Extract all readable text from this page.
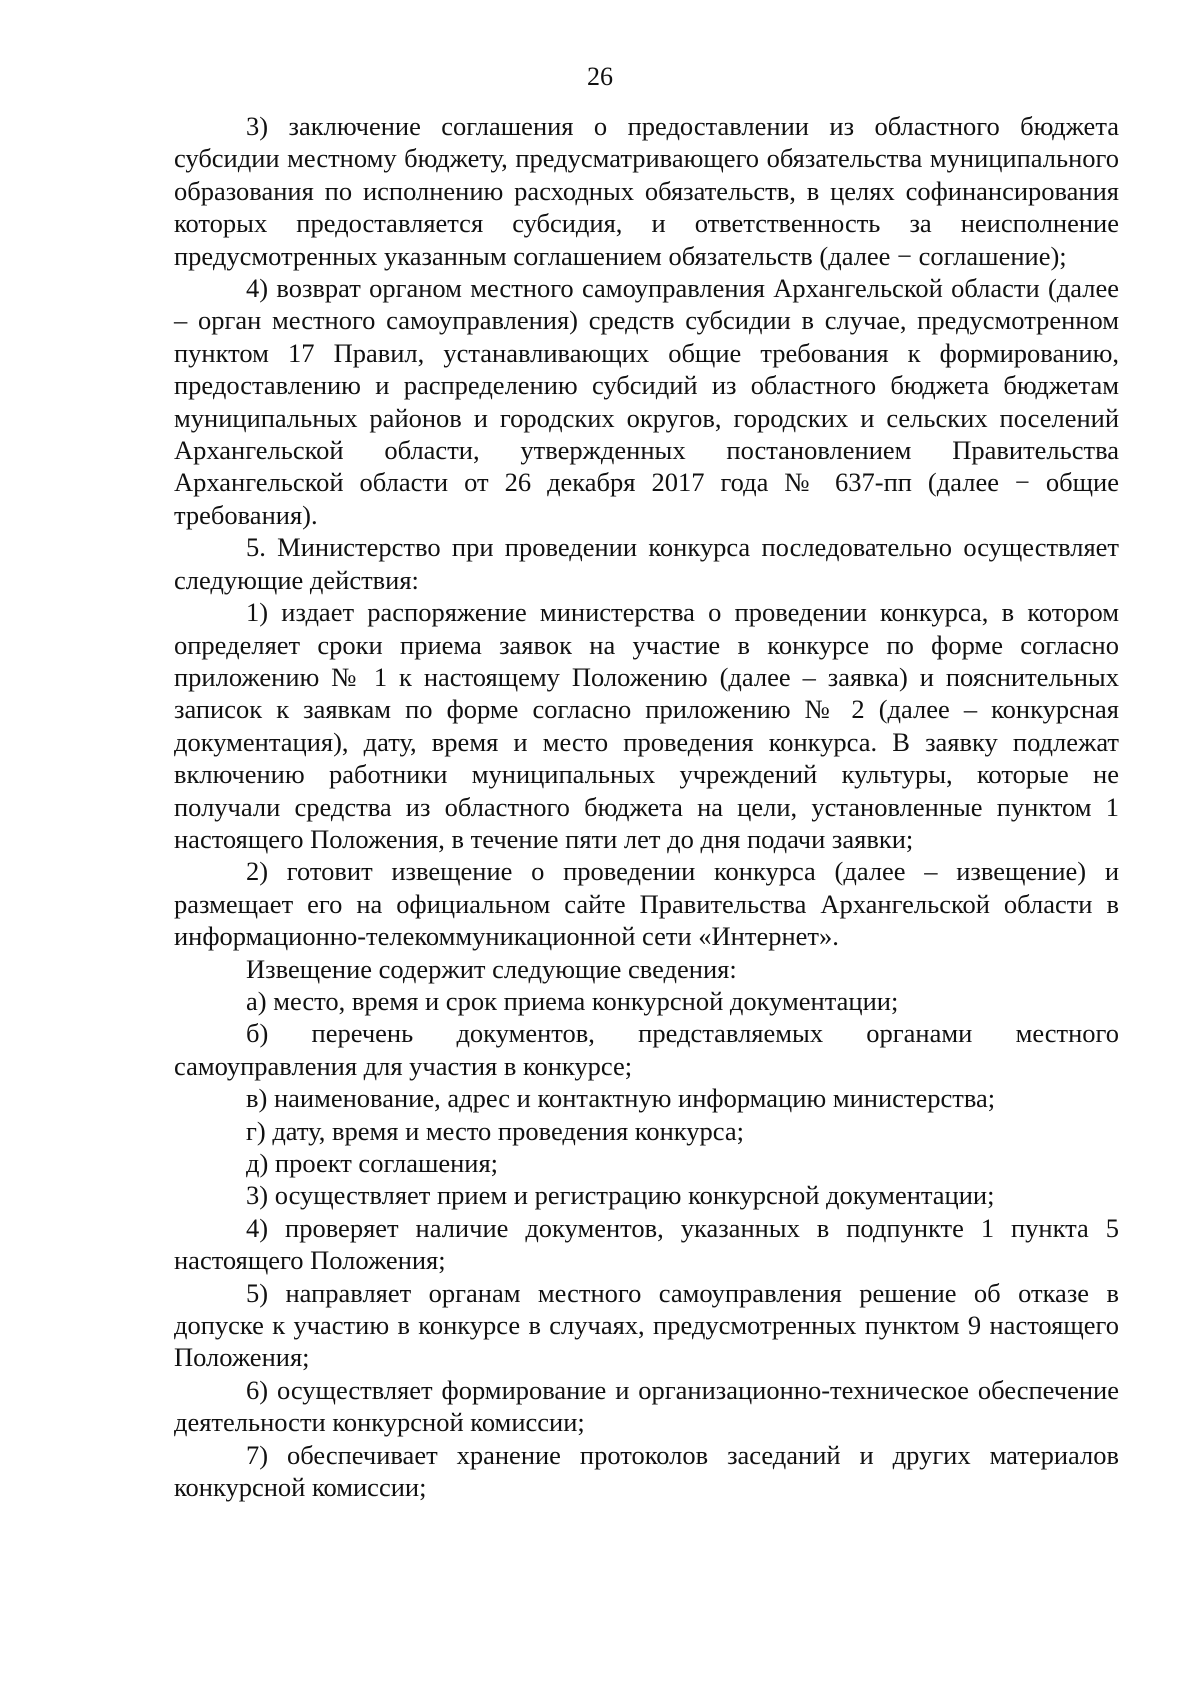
26

3) заключение соглашения о предоставлении из областного бюджета субсидии местному бюджету, предусматривающего обязательства муниципального образования по исполнению расходных обязательств, в целях софинансирования которых предоставляется субсидия, и ответственность за неисполнение предусмотренных указанным соглашением обязательств (далее − соглашение);

4) возврат органом местного самоуправления Архангельской области (далее – орган местного самоуправления) средств субсидии в случае, предусмотренном пунктом 17 Правил, устанавливающих общие требования к формированию, предоставлению и распределению субсидий из областного бюджета бюджетам муниципальных районов и городских округов, городских и сельских поселений Архангельской области, утвержденных постановлением Правительства Архангельской области от 26 декабря 2017 года № 637-пп (далее − общие требования).

5. Министерство при проведении конкурса последовательно осуществляет следующие действия:

1) издает распоряжение министерства о проведении конкурса, в котором определяет сроки приема заявок на участие в конкурсе по форме согласно приложению № 1 к настоящему Положению (далее – заявка) и пояснительных записок к заявкам по форме согласно приложению № 2 (далее – конкурсная документация), дату, время и место проведения конкурса. В заявку подлежат включению работники муниципальных учреждений культуры, которые не получали средства из областного бюджета на цели, установленные пунктом 1 настоящего Положения, в течение пяти лет до дня подачи заявки;

2) готовит извещение о проведении конкурса (далее – извещение) и размещает его на официальном сайте Правительства Архангельской области в информационно-телекоммуникационной сети «Интернет».

Извещение содержит следующие сведения:

а) место, время и срок приема конкурсной документации;

б) перечень документов, представляемых органами местного самоуправления для участия в конкурсе;

в) наименование, адрес и контактную информацию министерства;

г) дату, время и место проведения конкурса;

д) проект соглашения;

3) осуществляет прием и регистрацию конкурсной документации;

4) проверяет наличие документов, указанных в подпункте 1 пункта 5 настоящего Положения;

5) направляет органам местного самоуправления решение об отказе в допуске к участию в конкурсе в случаях, предусмотренных пунктом 9 настоящего Положения;

6) осуществляет формирование и организационно-техническое обеспечение деятельности конкурсной комиссии;

7) обеспечивает хранение протоколов заседаний и других материалов конкурсной комиссии;
